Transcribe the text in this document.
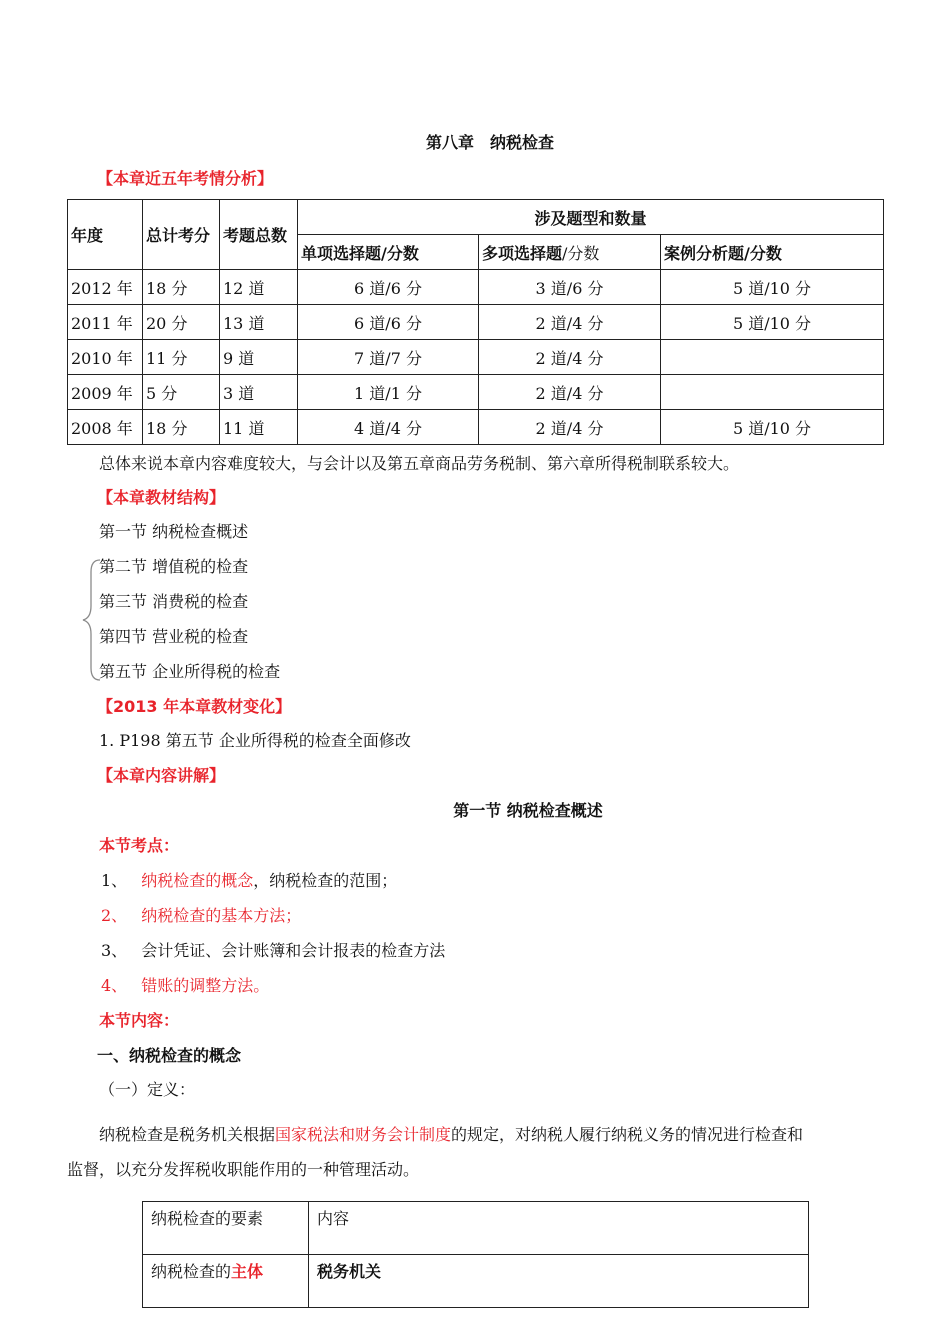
第八章　纳税检查
【本章近五年考情分析】
年度	总计考分	考题总数	涉及题型和数量		
			单项选择题/分数	多项选择题/分数	案例分析题/分数
2012 年	18 分	12 道	6 道/6 分	3 道/6 分	5 道/10 分
2011 年	20 分	13 道	6 道/6 分	2 道/4 分	5 道/10 分
2010 年	11 分	9 道	7 道/7 分	2 道/4 分	
2009 年	5 分	3 道	1 道/1 分	2 道/4 分	
2008 年	18 分	11 道	4 道/4 分	2 道/4 分	5 道/10 分
总体来说本章内容难度较大，与会计以及第五章商品劳务税制、第六章所得税制联系较大。
【本章教材结构】
第一节 纳税检查概述
第二节 增值税的检查
第三节 消费税的检查
第四节 营业税的检查
第五节 企业所得税的检查
【2013 年本章教材变化】
1. P198 第五节 企业所得税的检查全面修改
【本章内容讲解】
第一节 纳税检查概述
本节考点：
1、 纳税检查的概念，纳税检查的范围；
2、 纳税检查的基本方法；
3、 会计凭证、会计账簿和会计报表的检查方法
4、 错账的调整方法。
本节内容：
一、纳税检查的概念
（一）定义：
纳税检查是税务机关根据国家税法和财务会计制度的规定，对纳税人履行纳税义务的情况进行检查和
监督，以充分发挥税收职能作用的一种管理活动。
纳税检查的要素	内容
纳税检查的主体	税务机关
